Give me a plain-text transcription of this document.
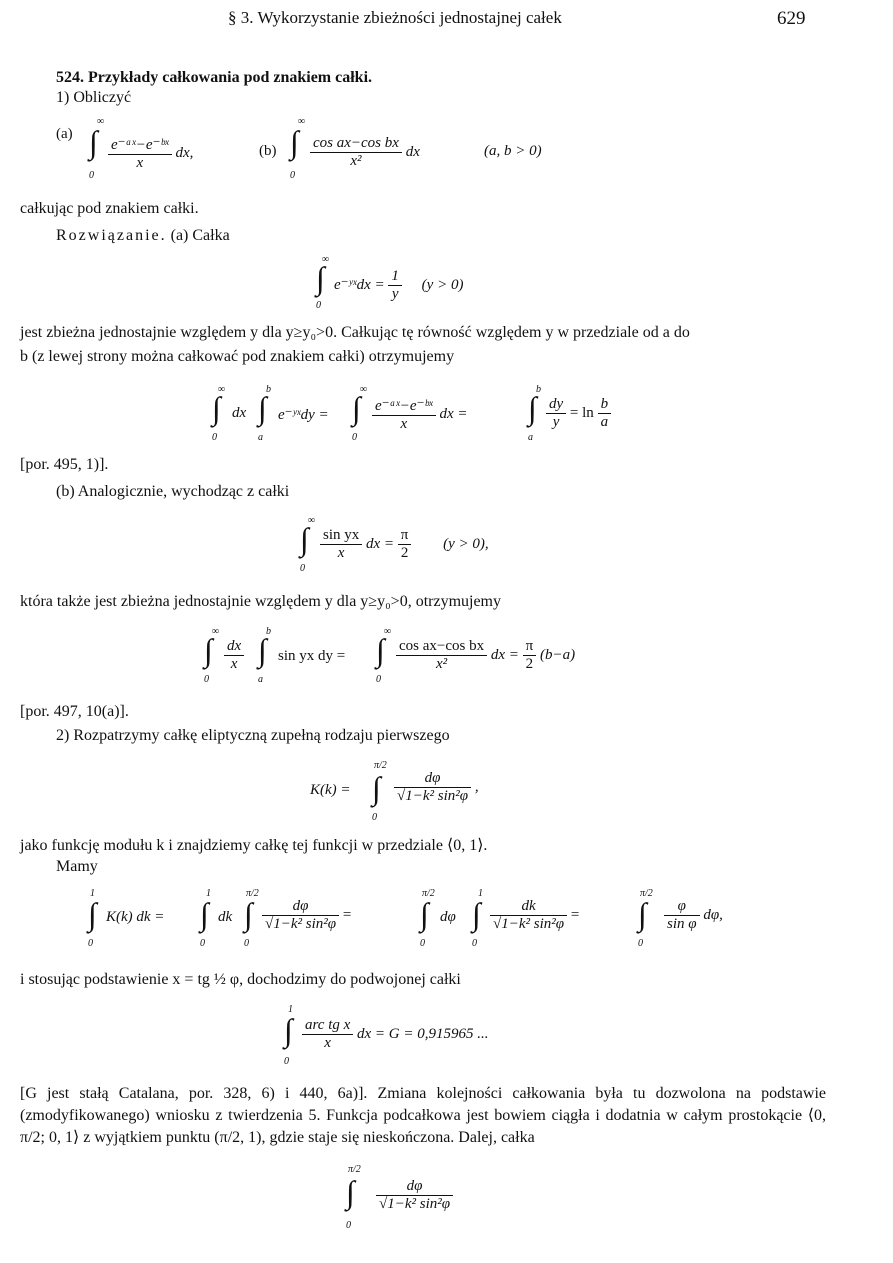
§ 3. Wykorzystanie zbieżności jednostajnej całek	629
524. Przykłady całkowania pod znakiem całki.
1) Obliczyć
(a)
∞
∫
0
$\frac{\text{e⁻ᵃˣ−e⁻ᵇˣ}}{x}$ dx,	(b)
∞
∫
0
$\frac{\text{cos ax−cos bx}}{\text{x²}}$ dx	(a, b > 0)
całkując pod znakiem całki.
Rozwiązanie. (a) Całka
∞
∫
0
e⁻ʸˣdx = $\frac{1}{y} (y > 0)$
jest zbieżna jednostajnie względem y dla y≥y₀>0. Całkując tę równość względem y w przedziale od a do
b (z lewej strony można całkować pod znakiem całki) otrzymujemy
∞
∫
0
dx
b
∫
a
e⁻ʸˣdy =
∞
∫
0
$\frac{\text{e⁻ᵃˣ−e⁻ᵇˣ}}{x}$ dx =
b
∫
a
$\frac{dy}{y} = \ln \frac{b}{a}$
[por. 495, 1)].
(b) Analogicznie, wychodząc z całki
∞
∫
0
$\frac{\text{sin yx}}{x}$ dx = $\frac{\pi}{2} (y > 0)$,
która także jest zbieżna jednostajnie względem y dla y≥y₀>0, otrzymujemy
∞
∫
0
$\frac{dx}{x}$
b
∫
a
sin yx dy =
∞
∫
0
$\frac{\text{cos ax−cos bx}}{\text{x²}}$ dx = $\frac{\pi}{2} (b-a)$
[por. 497, 10(a)].
2) Rozpatrzymy całkę eliptyczną zupełną rodzaju pierwszego
K(k) =
π/2
∫
0
$\frac{d\varphi}{\text{√1−k² sin²φ}}$ ,
jako funkcję modułu k i znajdziemy całkę tej funkcji w przedziale ⟨0, 1⟩.
Mamy
1
∫
0
K(k) dk =
1
∫
0
dk
π/2
∫
0
$\frac{d\varphi}{\text{√1−k² sin²φ}}$ =
π/2
∫
0
dφ
1
∫
0
$\frac{dk}{\text{√1−k² sin²φ}}$ =
π/2
∫
0
$\frac{\varphi}{\text{sin φ}} d\varphi$,
i stosując podstawienie x = tg ½ φ, dochodzimy do podwojonej całki
1
∫
0
$\frac{\text{arc tg x}}{x}$ dx = G = 0,915965 ...
[G jest stałą Catalana, por. 328, 6) i 440, 6a)]. Zmiana kolejności całkowania była tu dozwolona na podstawie (zmodyfikowanego) wniosku z twierdzenia 5. Funkcja podcałkowa jest bowiem ciągła i dodatnia w całym prostokącie ⟨0, π/2; 0, 1⟩ z wyjątkiem punktu (π/2, 1), gdzie staje się nieskończona. Dalej, całka
π/2
∫
0
$\frac{d\varphi}{\text{√1−k² sin²φ}}$
